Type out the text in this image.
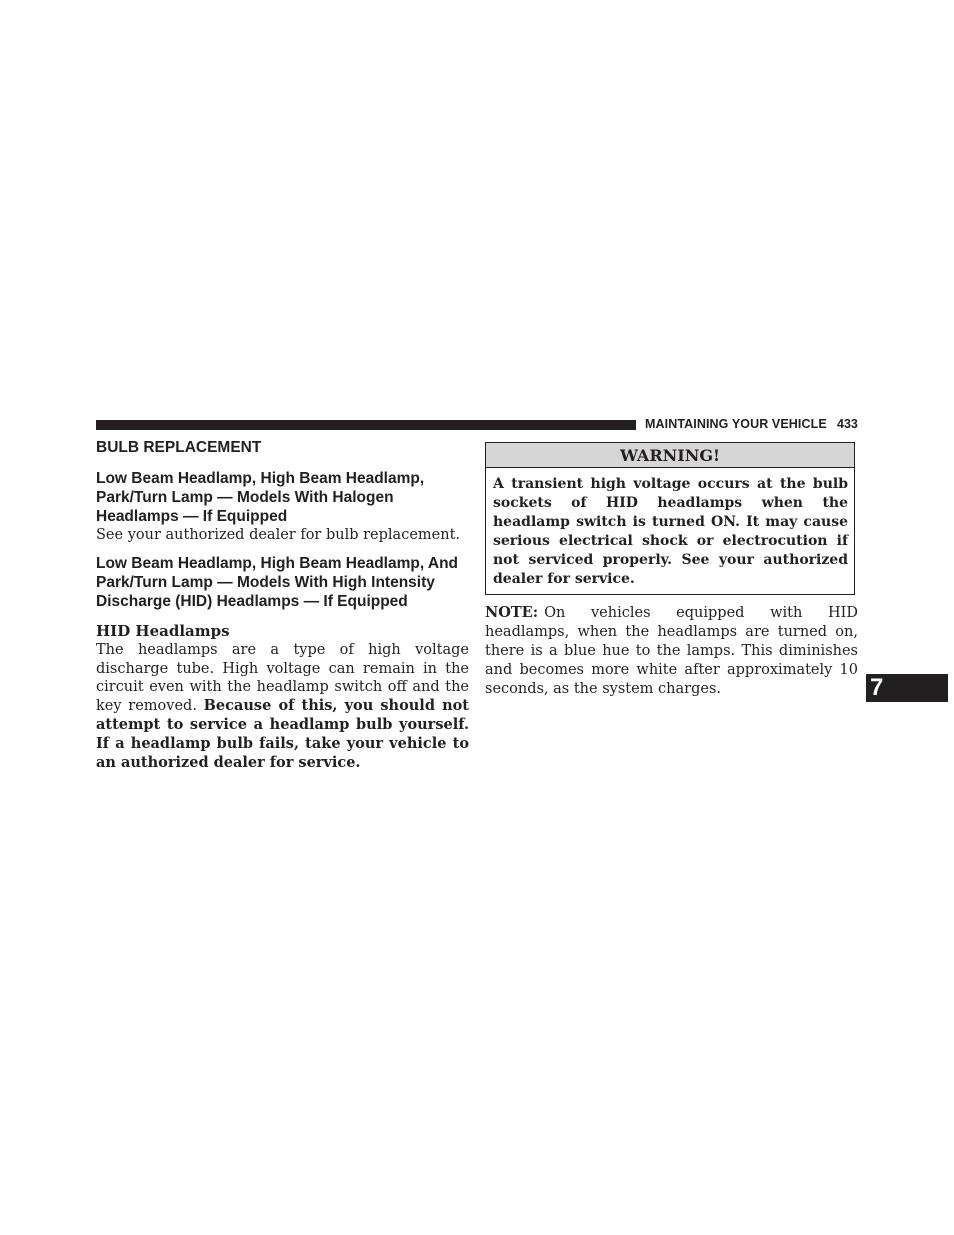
MAINTAINING YOUR VEHICLE 433
BULB REPLACEMENT
Low Beam Headlamp, High Beam Headlamp, Park/Turn Lamp — Models With Halogen Headlamps — If Equipped

See your authorized dealer for bulb replacement.

Low Beam Headlamp, High Beam Headlamp, And Park/Turn Lamp — Models With High Intensity Discharge (HID) Headlamps — If Equipped

HID Headlamps

The headlamps are a type of high voltage discharge tube. High voltage can remain in the circuit even with the headlamp switch off and the key removed. Because of this, you should not attempt to service a headlamp bulb yourself. If a headlamp bulb fails, take your vehicle to an authorized dealer for service.

WARNING!
A transient high voltage occurs at the bulb sockets of HID headlamps when the headlamp switch is turned ON. It may cause serious electrical shock or electrocution if not serviced properly. See your authorized dealer for service.

NOTE: On vehicles equipped with HID headlamps, when the headlamps are turned on, there is a blue hue to the lamps. This diminishes and becomes more white after approximately 10 seconds, as the system charges.	7
